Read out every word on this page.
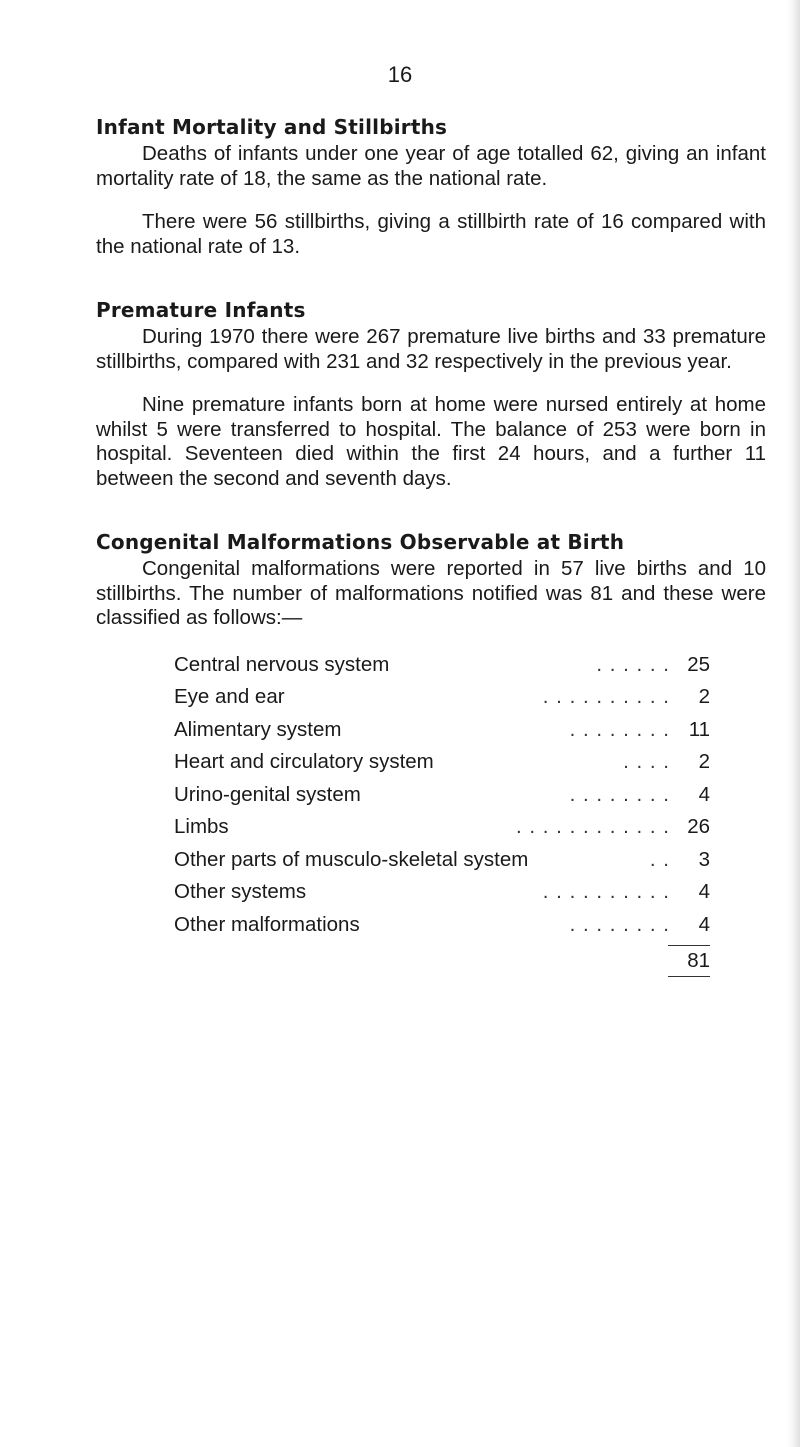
16
Infant Mortality and Stillbirths

Deaths of infants under one year of age totalled 62, giving an infant mortality rate of 18, the same as the national rate.

There were 56 stillbirths, giving a stillbirth rate of 16 compared with the national rate of 13.

Premature Infants

During 1970 there were 267 premature live births and 33 premature stillbirths, compared with 231 and 32 respectively in the previous year.

Nine premature infants born at home were nursed entirely at home whilst 5 were transferred to hospital. The balance of 253 were born in hospital. Seventeen died within the first 24 hours, and a further 11 between the second and seventh days.

Congenital Malformations Observable at Birth

Congenital malformations were reported in 57 live births and 10 stillbirths. The number of malformations notified was 81 and these were classified as follows:—

Central nervous system	. . . . . . 25
Eye and ear	. . . . . . . . . .	2
Alimentary system	. . . . . . . . 11
Heart and circulatory system	. . . .	2
Urino-genital system	. . . . . . . .	4
Limbs	. . . . . . . . . . . . 26
Other parts of musculo-skeletal system	. .	3
Other systems	. . . . . . . . . .	4
Other malformations	. . . . . . . .	4
81
